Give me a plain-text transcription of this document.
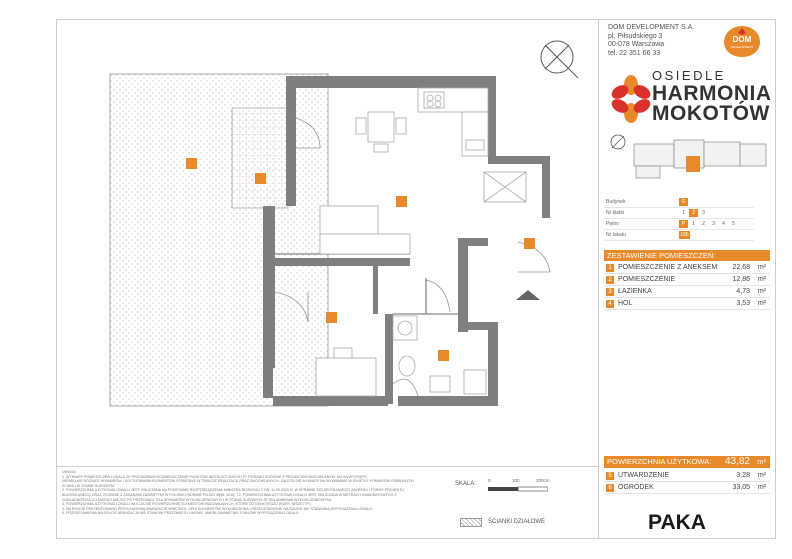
1
2
3
4
5
6
DOM DEVELOPMENT S.A.
pl. Piłsudskiego 3
00-078 Warszawa
tel. 22 351 66 33
DOM
DEVELOPMENT
OSIEDLE
HARMONIA
MOKOTÓW
Budynek	G
Nr klatki	1	2	3
Piętro	P	1	2	3	4	5
Nr lokalu	186
ZESTAWIENIE POMIESZCZEŃ:
1 POMIESZCZENIE Z ANEKSEM 22,68 m²
2 POMIESZCZENIE	12,86 m²
3 ŁAZIENKA	4,73 m²
4 HOL	3,53 m²
POWIERZCHNIA UŻYTKOWA: 43,82 m²
5 UTWARDZENIE	3,28 m²
6 OGRÓDEK	33,05 m²
UWAGA:
1. WYMIARY POMIESZCZEŃ LOKALU ZE PRZYBORAMI ROZMIESZCZENIE PUNKTÓW INSTALACYJNYCH ITP. PODANO ZGODNIE Z PROJEKTEM BUDOWLANYM. MOGĄ WYSTĄPIĆ
NIEWIELKIE RÓŻNICE WYMIARÓW I USYTUOWANIA ELEMENTÓW POWSTAŁE W TRAKCIE REALIZACJI PRAC BUDOWLANYCH. ZALECA SIĘ WYMIARY NA WYKANANIE W ŚWIETLE POMIARÓW POBRANYCH
ZCIANLI W STANIE SUROWYM.
2. POWIERZCHNIA UŻYTKOWA LOKALU JEST OBLICZANA NA PODSTAWIE ROZPORZĄDZENIA MINISTRA ROZWOJU Z DN. 11.09.2020 R. W SPRAWIE SZCZEGÓŁOWEGO ZAKRESU I FORMY PROJEKTU
BUDOWLANEGO ORAZ ZGODNIE Z ZASADAMI ZAWARTYMI W POLSKIEJ NORMIE PN-ISO 9836: 2015, T.2. POWIERZCHNIA UŻYTKOWA LOKALU JEST OBLICZANA W METRACH KWADRATOWYCH Z
DOKŁADNOŚCIĄ DO DWÓCH MIEJSC PO PRZECINKU, DLA WYMIARÓW WYKOŃCZENIOWYCH W STANIE SUROWYM ZE SKŁADNIKAMI WYKOŃCZENIOWYMI.
3. POWIERZCHNIA UŻYTKOWA LOKALU WLICZA SIĘ POWIERZCHNIĘ ELEMENTÓW BUDOWLANYCH, KTÓRE DO DEMONTAŻU (RURY, NISZE ITP.).
4. NA RZUCIE PREZENTOWANO PRZYKŁADOWĄ ARANŻACJĘ WNĘTRZA. OPIS ELEMENTÓW WYKOŃCZENIA I PRZEDSTAWIONE NA RZUCIE NIE STANOWIĄ WYPOSAŻENIA LOKALU.
5. PRZEDSTAWIONA NA RZUCIE ARANŻACJA NIE STANOWI PRZEDMIOTU UMOWY. UMEBLOWANIE NIE STANOWI WYPOSAŻENIA LOKALU.
SKALA:
0	100	200cm
ŚCIANKI DZIAŁOWE	PAKA
